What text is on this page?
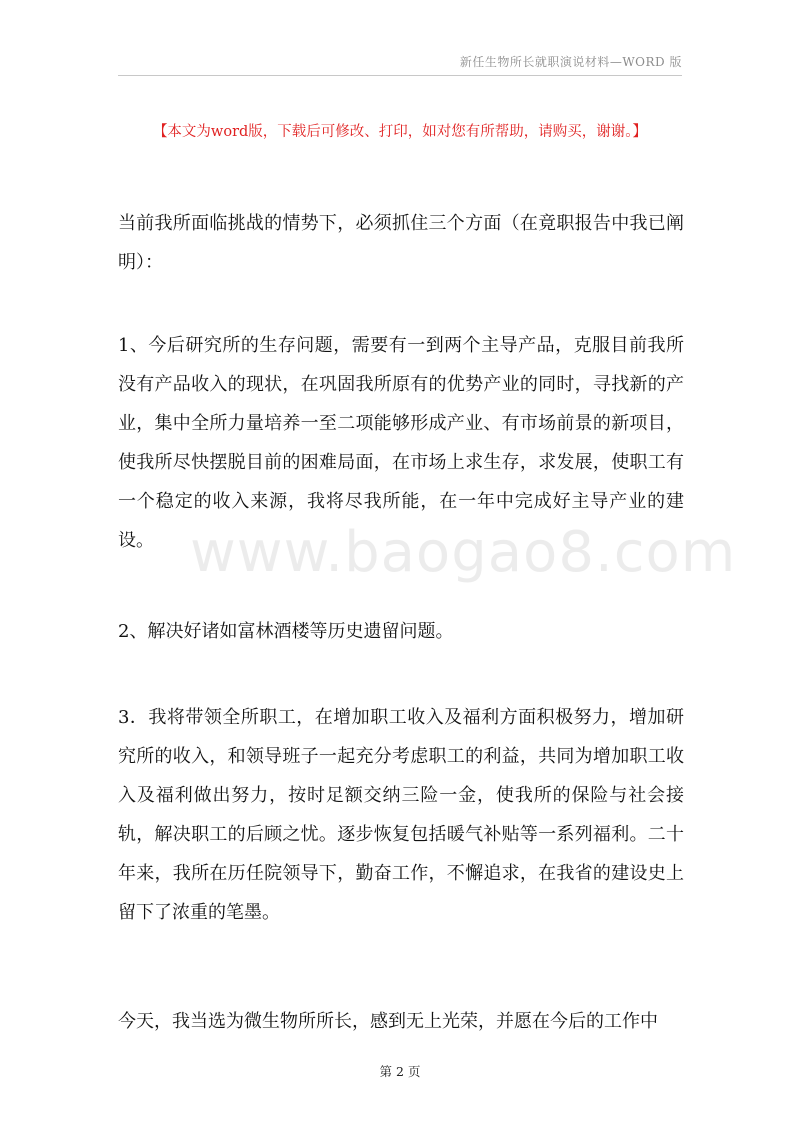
新任生物所长就职演说材料—WORD 版
【本文为word版，下载后可修改、打印，如对您有所帮助，请购买，谢谢。】

当前我所面临挑战的情势下，必须抓住三个方面（在竟职报告中我已阐明）：

1、今后研究所的生存问题，需要有一到两个主导产品，克服目前我所没有产品收入的现状，在巩固我所原有的优势产业的同时，寻找新的产业，集中全所力量培养一至二项能够形成产业、有市场前景的新项目，使我所尽快摆脱目前的困难局面，在市场上求生存，求发展，使职工有一个稳定的收入来源，我将尽我所能，在一年中完成好主导产业的建设。

2、解决好诸如富林酒楼等历史遗留问题。

3．我将带领全所职工，在增加职工收入及福利方面积极努力，增加研究所的收入，和领导班子一起充分考虑职工的利益，共同为增加职工收入及福利做出努力，按时足额交纳三险一金，使我所的保险与社会接轨，解决职工的后顾之忧。逐步恢复包括暖气补贴等一系列福利。二十年来，我所在历任院领导下，勤奋工作，不懈追求，在我省的建设史上留下了浓重的笔墨。

今天，我当选为微生物所所长，感到无上光荣，并愿在今后的工作中

www.baogao8.com
第 2 页
